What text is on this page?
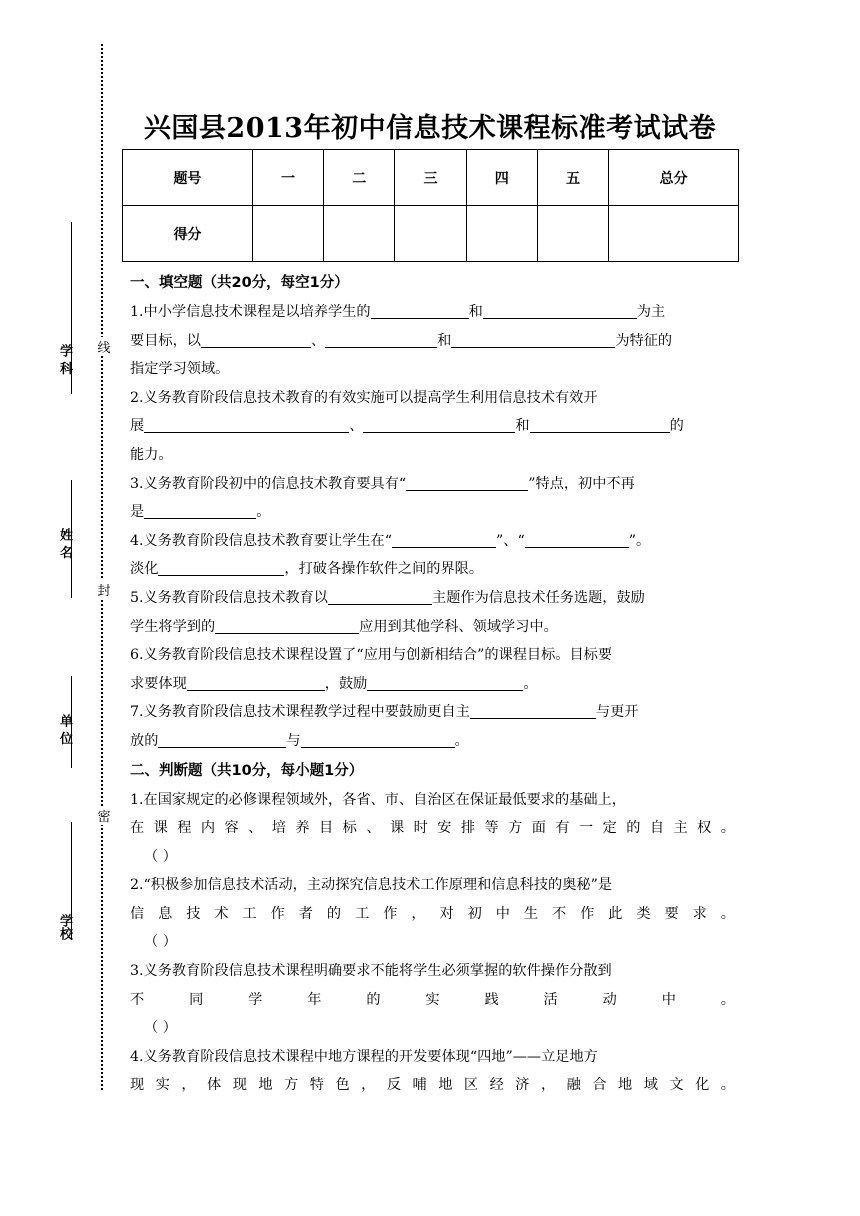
学校
单 位
姓 名
学 科 线
封
密
兴国县2013年初中信息技术课程标准考试试卷
题号	一	二	三	四	五	总分
得分						
一、填空题（共20分，每空1分）
1.中小学信息技术课程是以培养学生的	和	为主
要目标，以	、	和	为特征的
指定学习领域。
2.义务教育阶段信息技术教育的有效实施可以提高学生利用信息技术有效开
展	、	和	的
能力。
3.义务教育阶段初中的信息技术教育要具有“	”特点，初中不再
是	。
4.义务教育阶段信息技术教育要让学生在“	”、“	”。
淡化	，打破各操作软件之间的界限。
5.义务教育阶段信息技术教育以	主题作为信息技术任务选题，鼓励
学生将学到的	应用到其他学科、领域学习中。
6.义务教育阶段信息技术课程设置了“应用与创新相结合”的课程目标。目标要
求要体现	，鼓励	。
7.义务教育阶段信息技术课程教学过程中要鼓励更自主	与更开
放的	与	。
二、判断题（共10分，每小题1分）
1.在国家规定的必修课程领域外，各省、市、自治区在保证最低要求的基础上，
在课程内容、培养目标、课时安排等方面有一定的自主权。
（ ）
2.“积极参加信息技术活动，主动探究信息技术工作原理和信息科技的奥秘”是
信息技术工作者的工作，对初中生不作此类要求。
（ ）
3.义务教育阶段信息技术课程明确要求不能将学生必须掌握的软件操作分散到
不同学年的实践活动中。
（ ）
4.义务教育阶段信息技术课程中地方课程的开发要体现“四地”——立足地方
现实，体现地方特色，反哺地区经济，融合地域文化。
